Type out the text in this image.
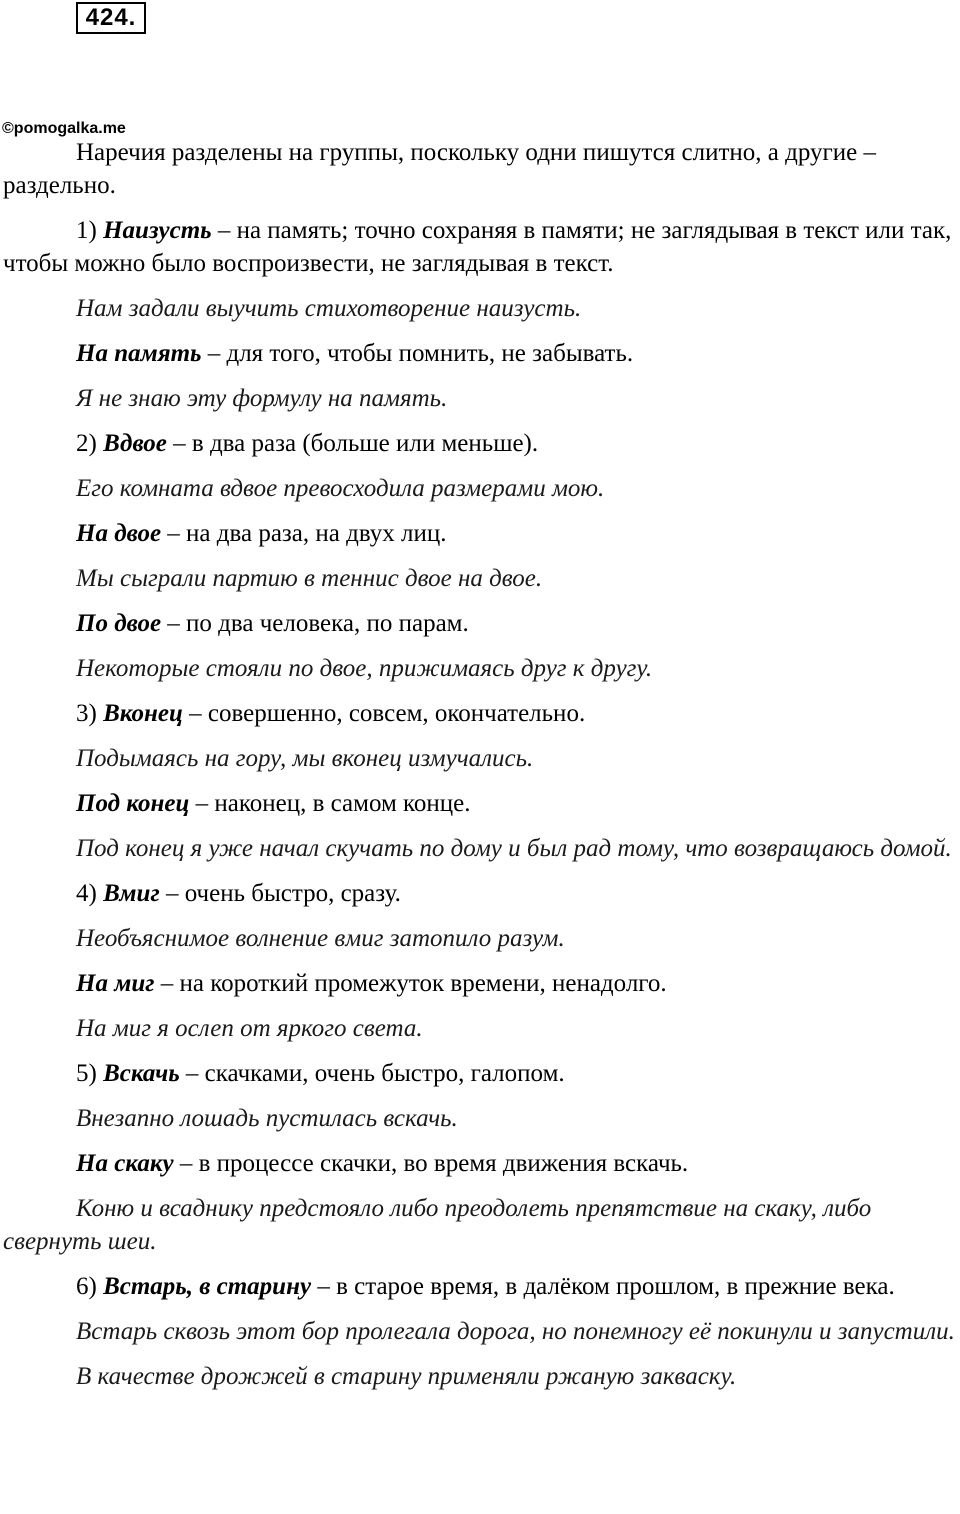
424.
©pomogalka.me

Наречия разделены на группы, поскольку одни пишутся слитно, а другие – раздельно.

1) Наизусть – на память; точно сохраняя в памяти; не заглядывая в текст или так, чтобы можно было воспроизвести, не заглядывая в текст.

Нам задали выучить стихотворение наизусть.

На память – для того, чтобы помнить, не забывать.

Я не знаю эту формулу на память.

2) Вдвое – в два раза (больше или меньше).

Его комната вдвое превосходила размерами мою.

На двое – на два раза, на двух лиц.

Мы сыграли партию в теннис двое на двое.

По двое – по два человека, по парам.

Некоторые стояли по двое, прижимаясь друг к другу.

3) Вконец – совершенно, совсем, окончательно.

Подымаясь на гору, мы вконец измучались.

Под конец – наконец, в самом конце.

Под конец я уже начал скучать по дому и был рад тому, что возвращаюсь домой.

4) Вмиг – очень быстро, сразу.

Необъяснимое волнение вмиг затопило разум.

На миг – на короткий промежуток времени, ненадолго.

На миг я ослеп от яркого света.

5) Вскачь – скачками, очень быстро, галопом.

Внезапно лошадь пустилась вскачь.

На скаку – в процессе скачки, во время движения вскачь.

Коню и всаднику предстояло либо преодолеть препятствие на скаку, либо свернуть шеи.

6) Встарь, в старину – в старое время, в далёком прошлом, в прежние века.

Встарь сквозь этот бор пролегала дорога, но понемногу её покинули и запустили.

В качестве дрожжей в старину применяли ржаную закваску.
